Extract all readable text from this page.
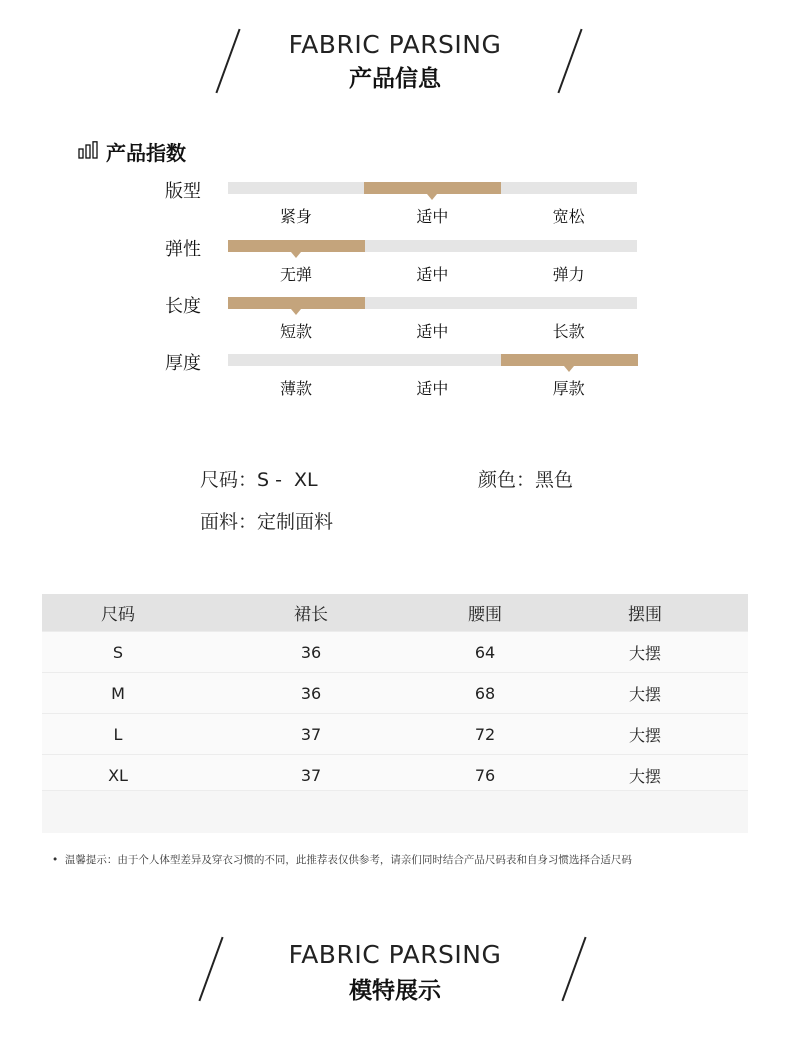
FABRIC PARSING
产品信息
产品指数
版型
紧身	适中	宽松
弹性
无弹	适中	弹力
长度
短款	适中	长款
厚度
薄款	适中	厚款
尺码：S -  XL	颜色：黑色
面料：定制面料
尺码	裙长	腰围	摆围
S	36	64	大摆
M	36	68	大摆
L	37	72	大摆
XL	37	76	大摆
•  温馨提示：由于个人体型差异及穿衣习惯的不同，此推荐表仅供参考，请亲们同时结合产品尺码表和自身习惯选择合适尺码
FABRIC PARSING
模特展示
